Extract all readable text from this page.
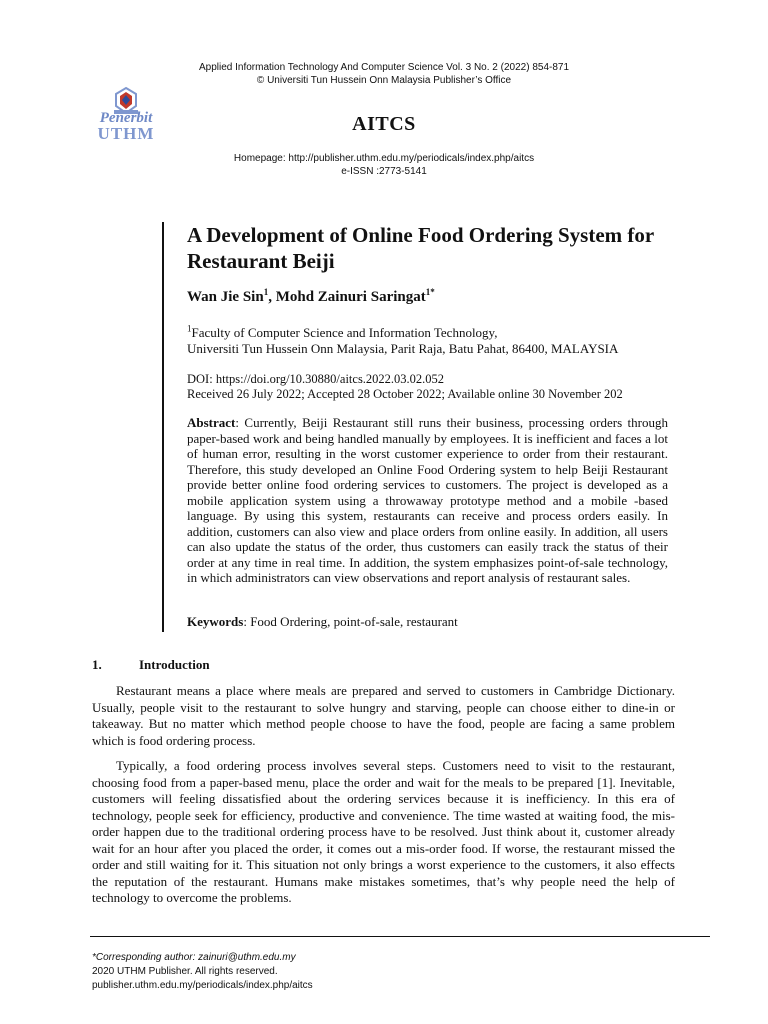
Applied Information Technology And Computer Science Vol. 3 No. 2 (2022) 854-871
© Universiti Tun Hussein Onn Malaysia Publisher’s Office
Penerbit
UTHM	AITCS
Homepage: http://publisher.uthm.edu.my/periodicals/index.php/aitcs
e-ISSN :2773-5141
A Development of Online Food Ordering System for Restaurant Beiji
Wan Jie Sin$^1$, Mohd Zainuri Saringat$^{1*}$
$^1$Faculty of Computer Science and Information Technology,
Universiti Tun Hussein Onn Malaysia, Parit Raja, Batu Pahat, 86400, MALAYSIA
DOI: https://doi.org/10.30880/aitcs.2022.03.02.052
Received 26 July 2022; Accepted 28 October 2022; Available online 30 November 202
Abstract: Currently, Beiji Restaurant still runs their business, processing orders through paper-based work and being handled manually by employees. It is inefficient and faces a lot of human error, resulting in the worst customer experience to order from their restaurant. Therefore, this study developed an Online Food Ordering system to help Beiji Restaurant provide better online food ordering services to customers. The project is developed as a mobile application system using a throwaway prototype method and a mobile -based language. By using this system, restaurants can receive and process orders easily. In addition, customers can also view and place orders from online easily. In addition, all users can also update the status of the order, thus customers can easily track the status of their order at any time in real time. In addition, the system emphasizes point-of-sale technology, in which administrators can view observations and report analysis of restaurant sales.
Keywords: Food Ordering, point-of-sale, restaurant
1.	Introduction
Restaurant means a place where meals are prepared and served to customers in Cambridge Dictionary. Usually, people visit to the restaurant to solve hungry and starving, people can choose either to dine-in or takeaway. But no matter which method people choose to have the food, people are facing a same problem which is food ordering process.
Typically, a food ordering process involves several steps. Customers need to visit to the restaurant, choosing food from a paper-based menu, place the order and wait for the meals to be prepared [1]. Inevitable, customers will feeling dissatisfied about the ordering services because it is inefficiency. In this era of technology, people seek for efficiency, productive and convenience. The time wasted at waiting food, the mis-order happen due to the traditional ordering process have to be resolved. Just think about it, customer already wait for an hour after you placed the order, it comes out a mis-order food. If worse, the restaurant missed the order and still waiting for it. This situation not only brings a worst experience to the customers, it also effects the reputation of the restaurant. Humans make mistakes sometimes, that’s why people need the help of technology to overcome the problems.
*Corresponding author: zainuri@uthm.edu.my
2020 UTHM Publisher. All rights reserved.
publisher.uthm.edu.my/periodicals/index.php/aitcs
